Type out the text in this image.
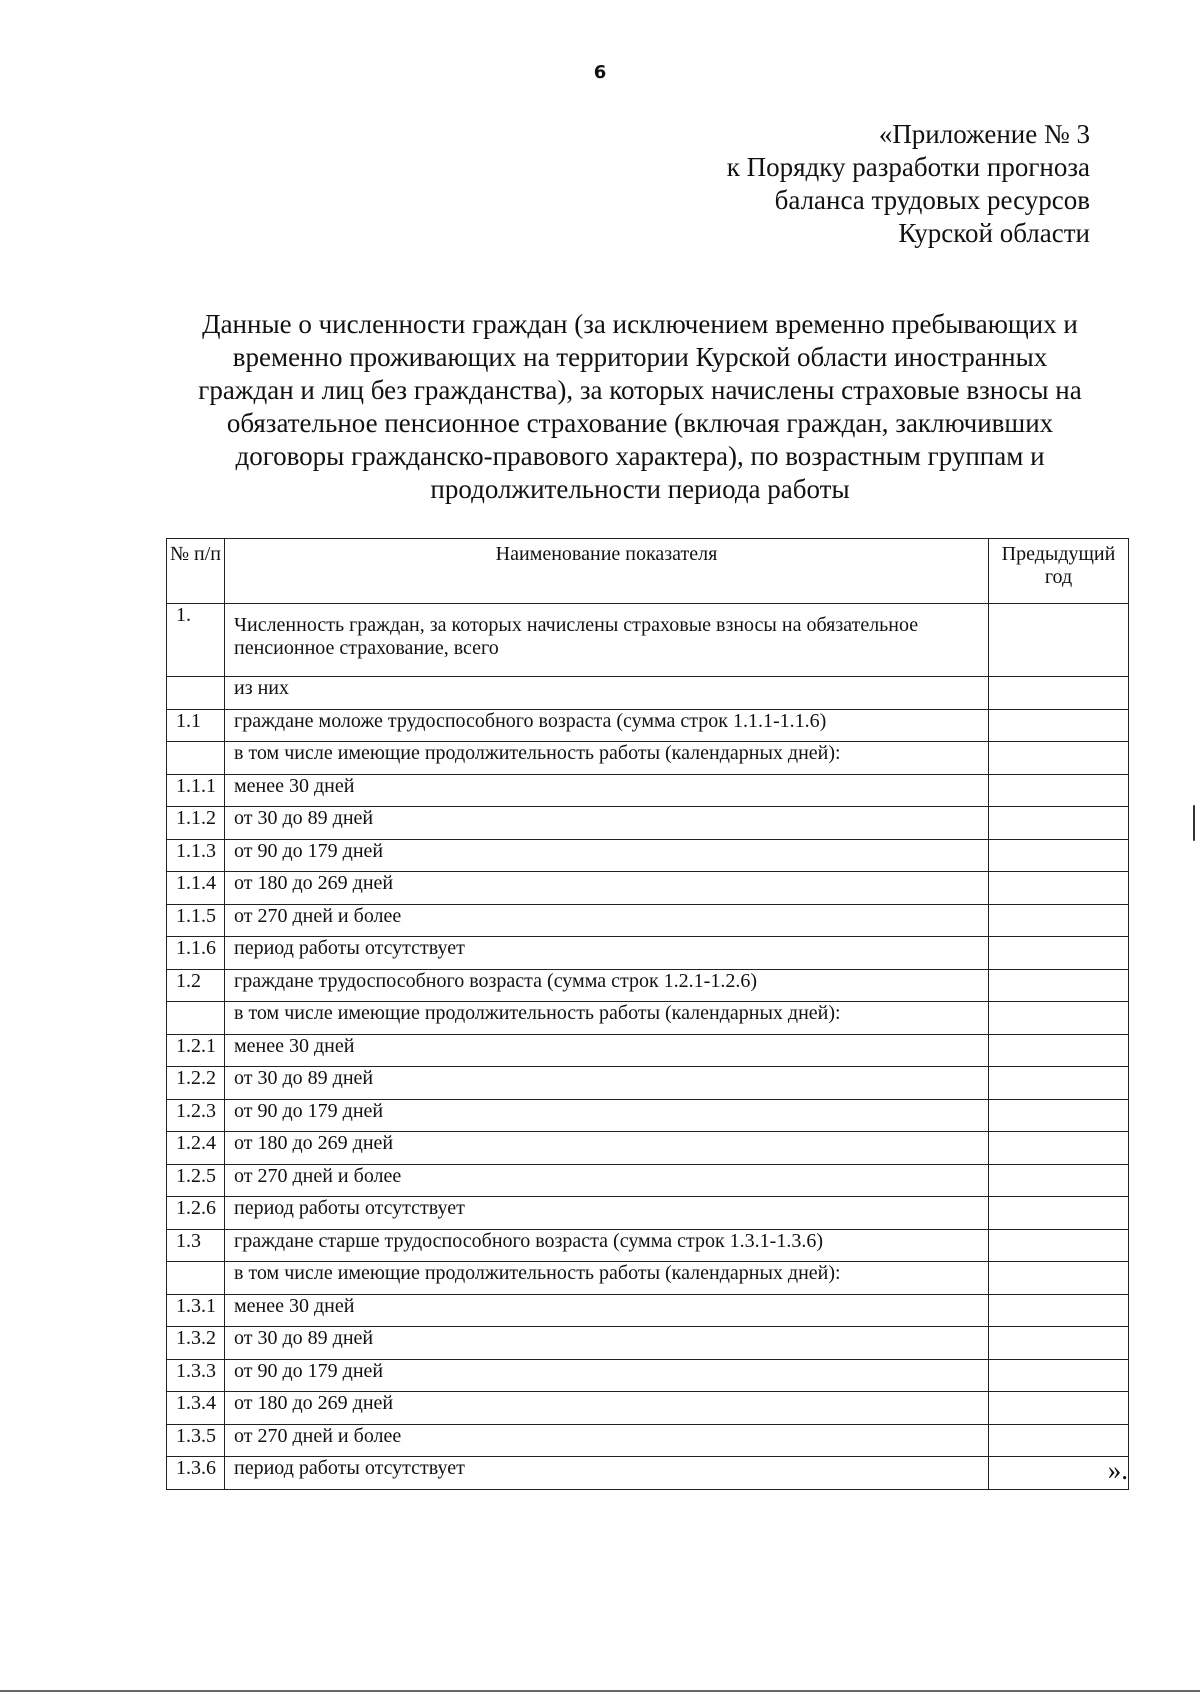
6
«Приложение № 3
к Порядку разработки прогноза
баланса трудовых ресурсов
Курской области
Данные о численности граждан (за исключением временно пребывающих и
временно проживающих на территории Курской области иностранных
граждан и лиц без гражданства), за которых начислены страховые взносы на
обязательное пенсионное страхование (включая граждан, заключивших
договоры гражданско-правового характера), по возрастным группам и
продолжительности периода работы
№ п/п	Наименование показателя	Предыдущий год
1.	Численность граждан, за которых начислены страховые взносы на обязательное пенсионное страхование, всего	
	из них	
1.1	граждане моложе трудоспособного возраста (сумма строк 1.1.1-1.1.6)	
	в том числе имеющие продолжительность работы (календарных дней):	
1.1.1	менее 30 дней	
1.1.2	от 30 до 89 дней	
1.1.3	от 90 до 179 дней	
1.1.4	от 180 до 269 дней	
1.1.5	от 270 дней и более	
1.1.6	период работы отсутствует	
1.2	граждане трудоспособного возраста (сумма строк 1.2.1-1.2.6)	
	в том числе имеющие продолжительность работы (календарных дней):	
1.2.1	менее 30 дней	
1.2.2	от 30 до 89 дней	
1.2.3	от 90 до 179 дней	
1.2.4	от 180 до 269 дней	
1.2.5	от 270 дней и более	
1.2.6	период работы отсутствует	
1.3	граждане старше трудоспособного возраста (сумма строк 1.3.1-1.3.6)	
	в том числе имеющие продолжительность работы (календарных дней):	
1.3.1	менее 30 дней	
1.3.2	от 30 до 89 дней	
1.3.3	от 90 до 179 дней	
1.3.4	от 180 до 269 дней	
1.3.5	от 270 дней и более	
1.3.6	период работы отсутствует		».
